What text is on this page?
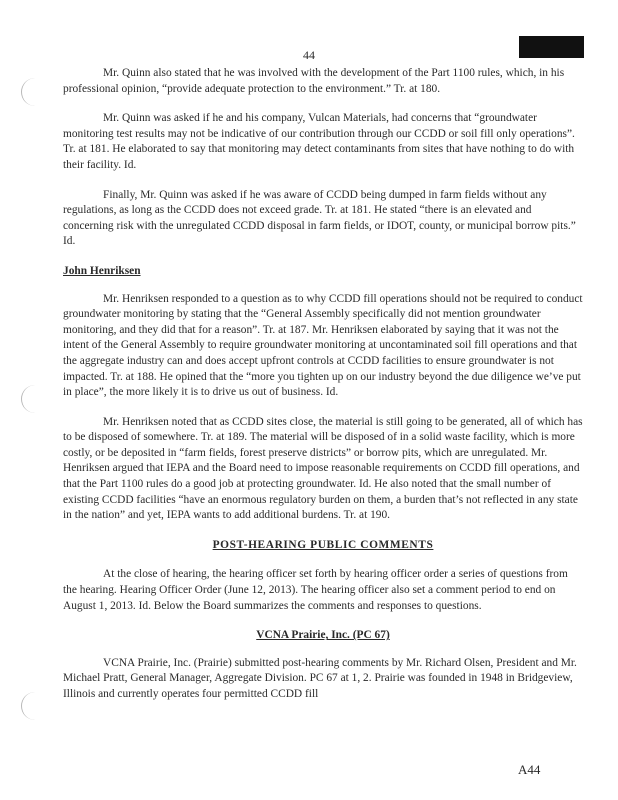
44

Mr. Quinn also stated that he was involved with the development of the Part 1100 rules, which, in his professional opinion, “provide adequate protection to the environment.” Tr. at 180.

Mr. Quinn was asked if he and his company, Vulcan Materials, had concerns that “groundwater monitoring test results may not be indicative of our contribution through our CCDD or soil fill only operations”. Tr. at 181. He elaborated to say that monitoring may detect contaminants from sites that have nothing to do with their facility. Id.

Finally, Mr. Quinn was asked if he was aware of CCDD being dumped in farm fields without any regulations, as long as the CCDD does not exceed grade. Tr. at 181. He stated “there is an elevated and concerning risk with the unregulated CCDD disposal in farm fields, or IDOT, county, or municipal borrow pits.” Id.

John Henriksen

Mr. Henriksen responded to a question as to why CCDD fill operations should not be required to conduct groundwater monitoring by stating that the “General Assembly specifically did not mention groundwater monitoring, and they did that for a reason”. Tr. at 187. Mr. Henriksen elaborated by saying that it was not the intent of the General Assembly to require groundwater monitoring at uncontaminated soil fill operations and that the aggregate industry can and does accept upfront controls at CCDD facilities to ensure groundwater is not impacted. Tr. at 188. He opined that the “more you tighten up on our industry beyond the due diligence we’ve put in place”, the more likely it is to drive us out of business. Id.

Mr. Henriksen noted that as CCDD sites close, the material is still going to be generated, all of which has to be disposed of somewhere. Tr. at 189. The material will be disposed of in a solid waste facility, which is more costly, or be deposited in “farm fields, forest preserve districts” or borrow pits, which are unregulated. Mr. Henriksen argued that IEPA and the Board need to impose reasonable requirements on CCDD fill operations, and that the Part 1100 rules do a good job at protecting groundwater. Id. He also noted that the small number of existing CCDD facilities “have an enormous regulatory burden on them, a burden that’s not reflected in any state in the nation” and yet, IEPA wants to add additional burdens. Tr. at 190.

POST-HEARING PUBLIC COMMENTS

At the close of hearing, the hearing officer set forth by hearing officer order a series of questions from the hearing. Hearing Officer Order (June 12, 2013). The hearing officer also set a comment period to end on August 1, 2013. Id. Below the Board summarizes the comments and responses to questions.

VCNA Prairie, Inc. (PC 67)

VCNA Prairie, Inc. (Prairie) submitted post-hearing comments by Mr. Richard Olsen, President and Mr. Michael Pratt, General Manager, Aggregate Division. PC 67 at 1, 2. Prairie was founded in 1948 in Bridgeview, Illinois and currently operates four permitted CCDD fill

A44
